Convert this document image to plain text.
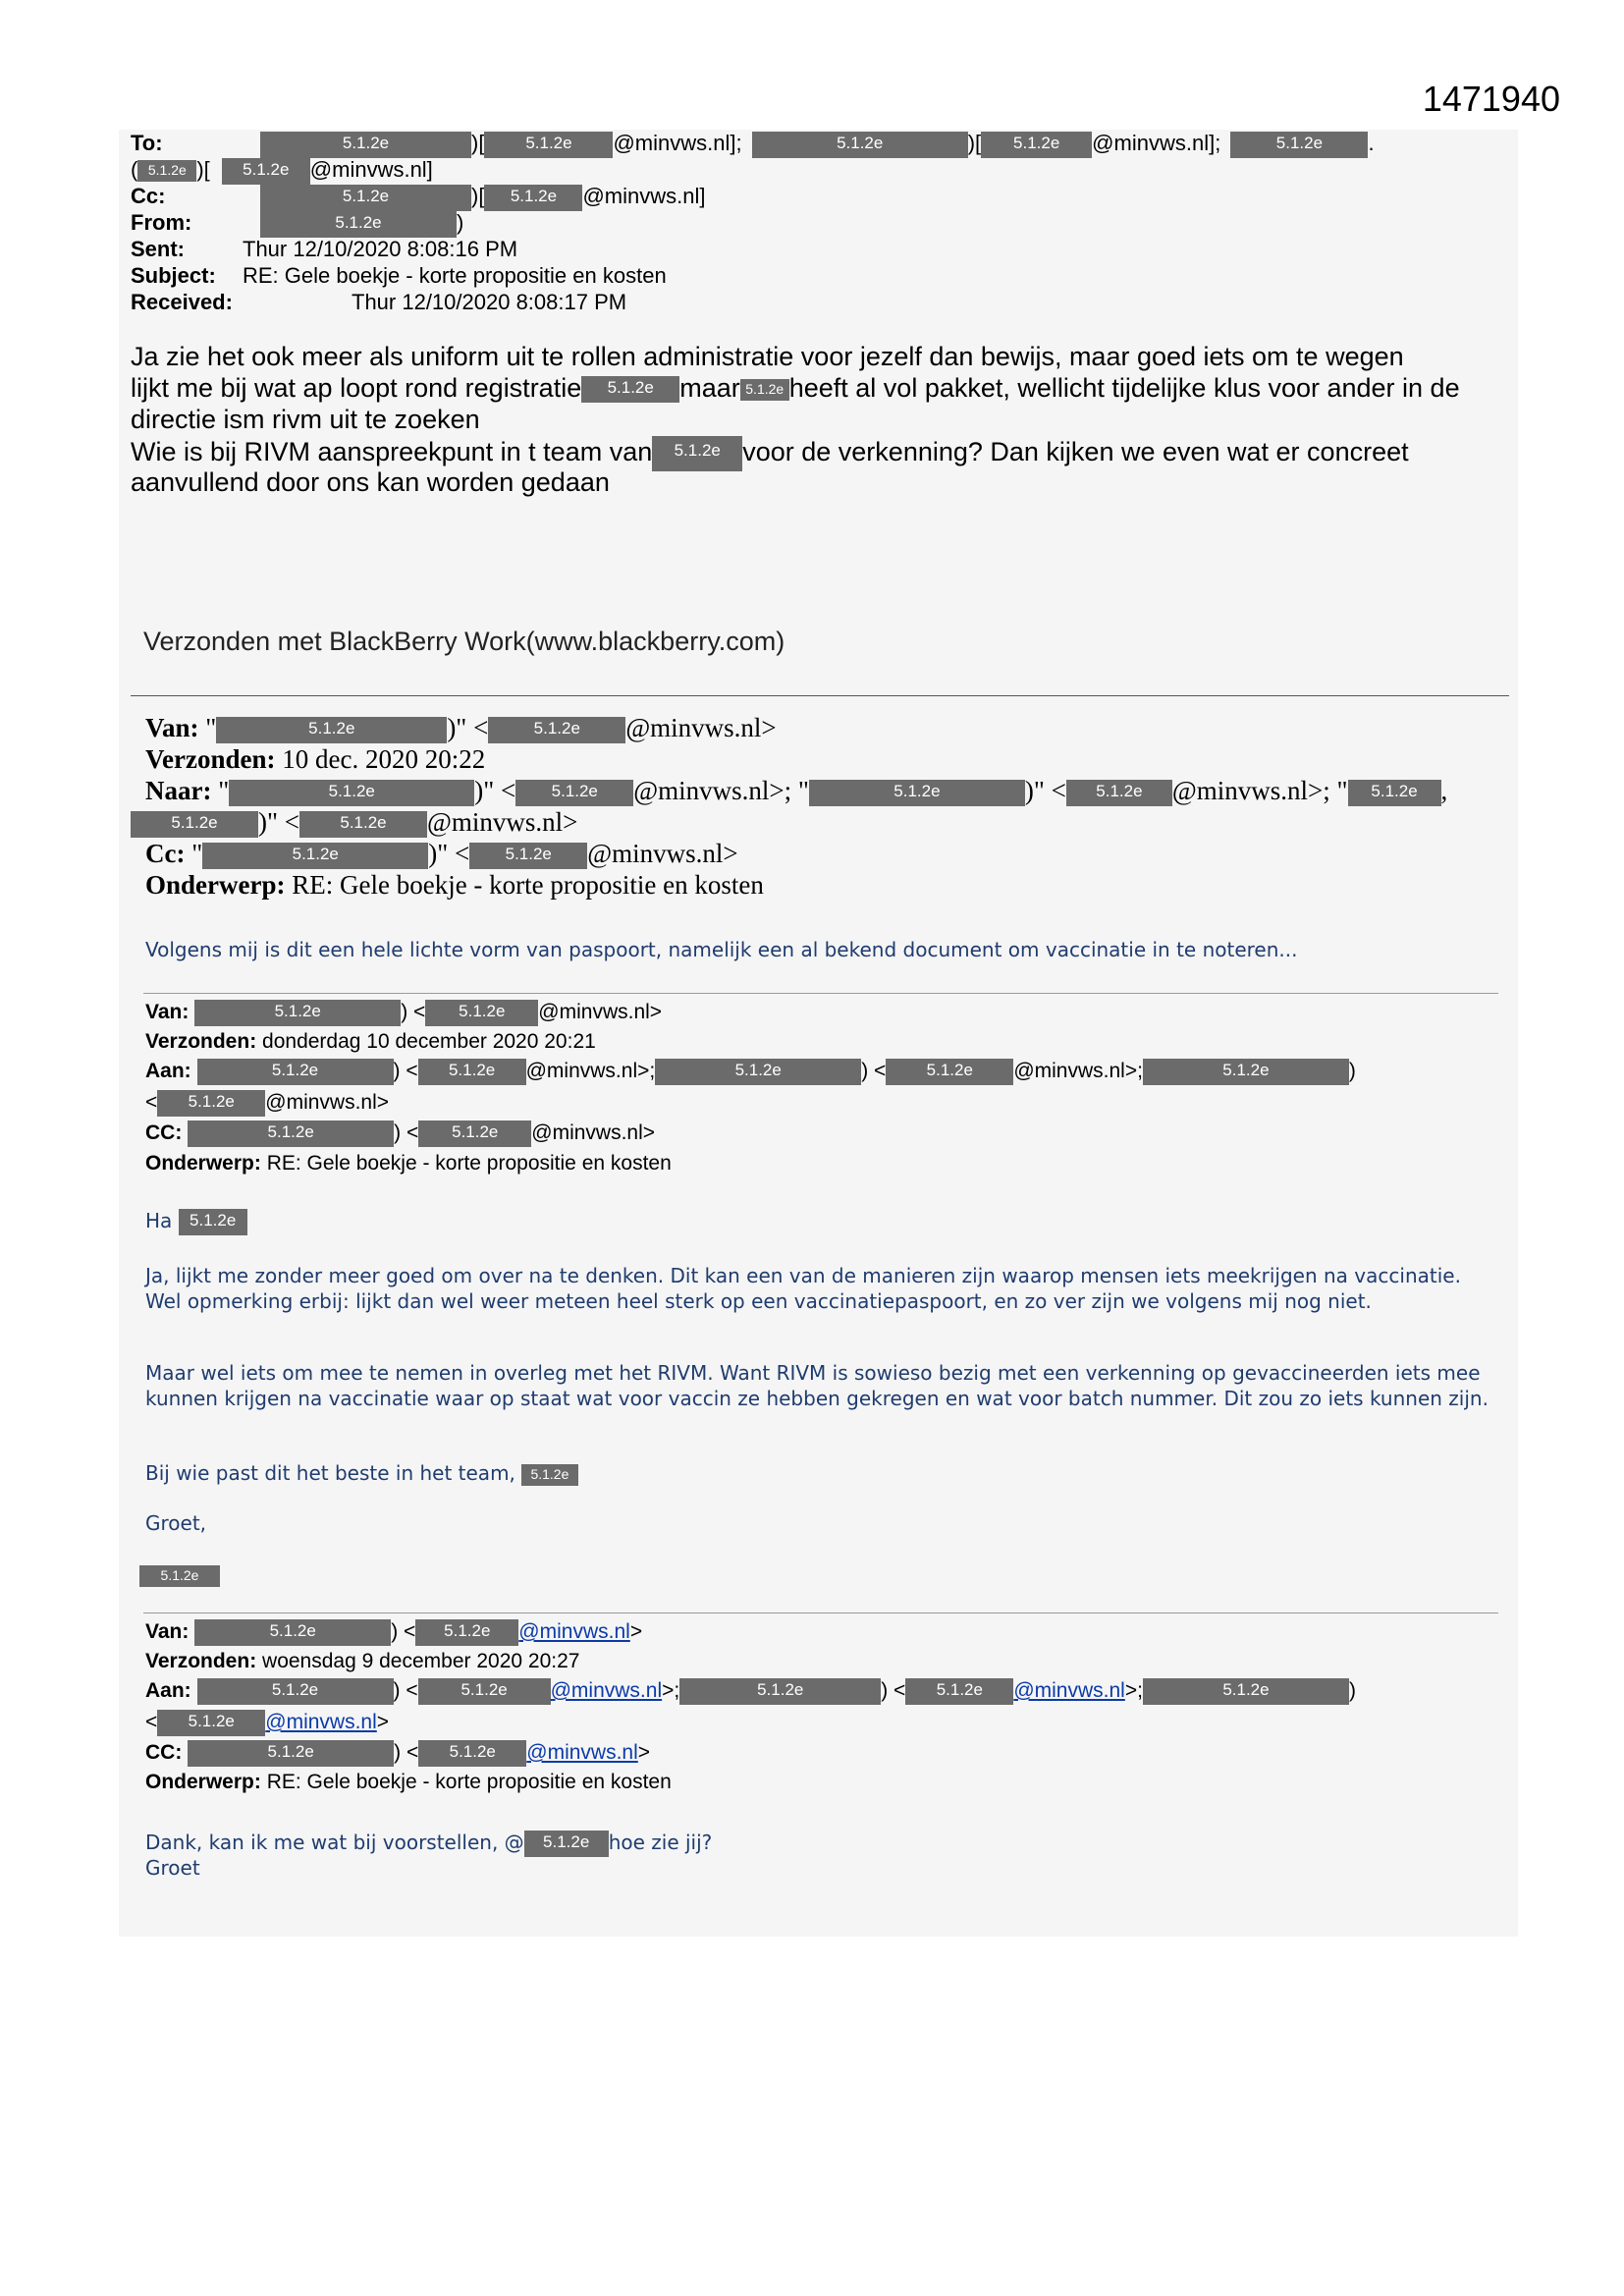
1471940
To:	5.1.2e	)[ 5.1.2e @minvws.nl];	5.1.2e	)[ 5.1.2e @minvws.nl];	5.1.2e .
( 5.1.2e )[ 5.1.2e @minvws.nl]
Cc:	5.1.2e	)[ 5.1.2e @minvws.nl]
From:	5.1.2e	)
Sent:	Thur 12/10/2020 8:08:16 PM
Subject: RE: Gele boekje - korte propositie en kosten
Received:	Thur 12/10/2020 8:08:17 PM
Ja zie het ook meer als uniform uit te rollen administratie voor jezelf dan bewijs, maar goed iets om te wegen
lijkt me bij wat ap loopt rond registratie 5.1.2e maar 5.1.2e heeft al vol pakket, wellicht tijdelijke klus voor ander in de
directie ism rivm uit te zoeken
Wie is bij RIVM aanspreekpunt in t team van 5.1.2e voor de verkenning? Dan kijken we even wat er concreet
aanvullend door ons kan worden gedaan
Verzonden met BlackBerry Work(www.blackberry.com)
Van: "	5.1.2e	)" <	5.1.2e @minvws.nl>
Verzonden: 10 dec. 2020 20:22
Naar: "	5.1.2e	)" < 5.1.2e @minvws.nl>; "	5.1.2e	)" < 5.1.2e @minvws.nl>; " 5.1.2e ,
5.1.2e )" < 5.1.2e @minvws.nl>
Cc: "	5.1.2e	)" < 5.1.2e @minvws.nl>
Onderwerp: RE: Gele boekje - korte propositie en kosten
Volgens mij is dit een hele lichte vorm van paspoort, namelijk een al bekend document om vaccinatie in te noteren...
Van:	5.1.2e	) < 5.1.2e @minvws.nl>
Verzonden: donderdag 10 december 2020 20:21
Aan:	5.1.2e	) < 5.1.2e @minvws.nl>;	5.1.2e	) < 5.1.2e @minvws.nl>;	5.1.2e	)
< 5.1.2e @minvws.nl>
CC:	5.1.2e	) < 5.1.2e @minvws.nl>
Onderwerp: RE: Gele boekje - korte propositie en kosten
Ha 5.1.2e
Ja, lijkt me zonder meer goed om over na te denken. Dit kan een van de manieren zijn waarop mensen iets meekrijgen na vaccinatie. Wel opmerking erbij: lijkt dan wel weer meteen heel sterk op een vaccinatiepaspoort, en zo ver zijn we volgens mij nog niet.
Maar wel iets om mee te nemen in overleg met het RIVM. Want RIVM is sowieso bezig met een verkenning op gevaccineerden iets mee kunnen krijgen na vaccinatie waar op staat wat voor vaccin ze hebben gekregen en wat voor batch nummer. Dit zou zo iets kunnen zijn.
Bij wie past dit het beste in het team, 5.1.2e
Groet,
5.1.2e
Van:	5.1.2e	) < 5.1.2e @minvws.nl>
Verzonden: woensdag 9 december 2020 20:27
Aan:	5.1.2e	) <	5.1.2e @minvws.nl>;	5.1.2e	) < 5.1.2e @minvws.nl>;	5.1.2e	)
< 5.1.2e @minvws.nl>
CC:	5.1.2e	) < 5.1.2e @minvws.nl>
Onderwerp: RE: Gele boekje - korte propositie en kosten
Dank, kan ik me wat bij voorstellen, @ 5.1.2e hoe zie jij?
Groet
